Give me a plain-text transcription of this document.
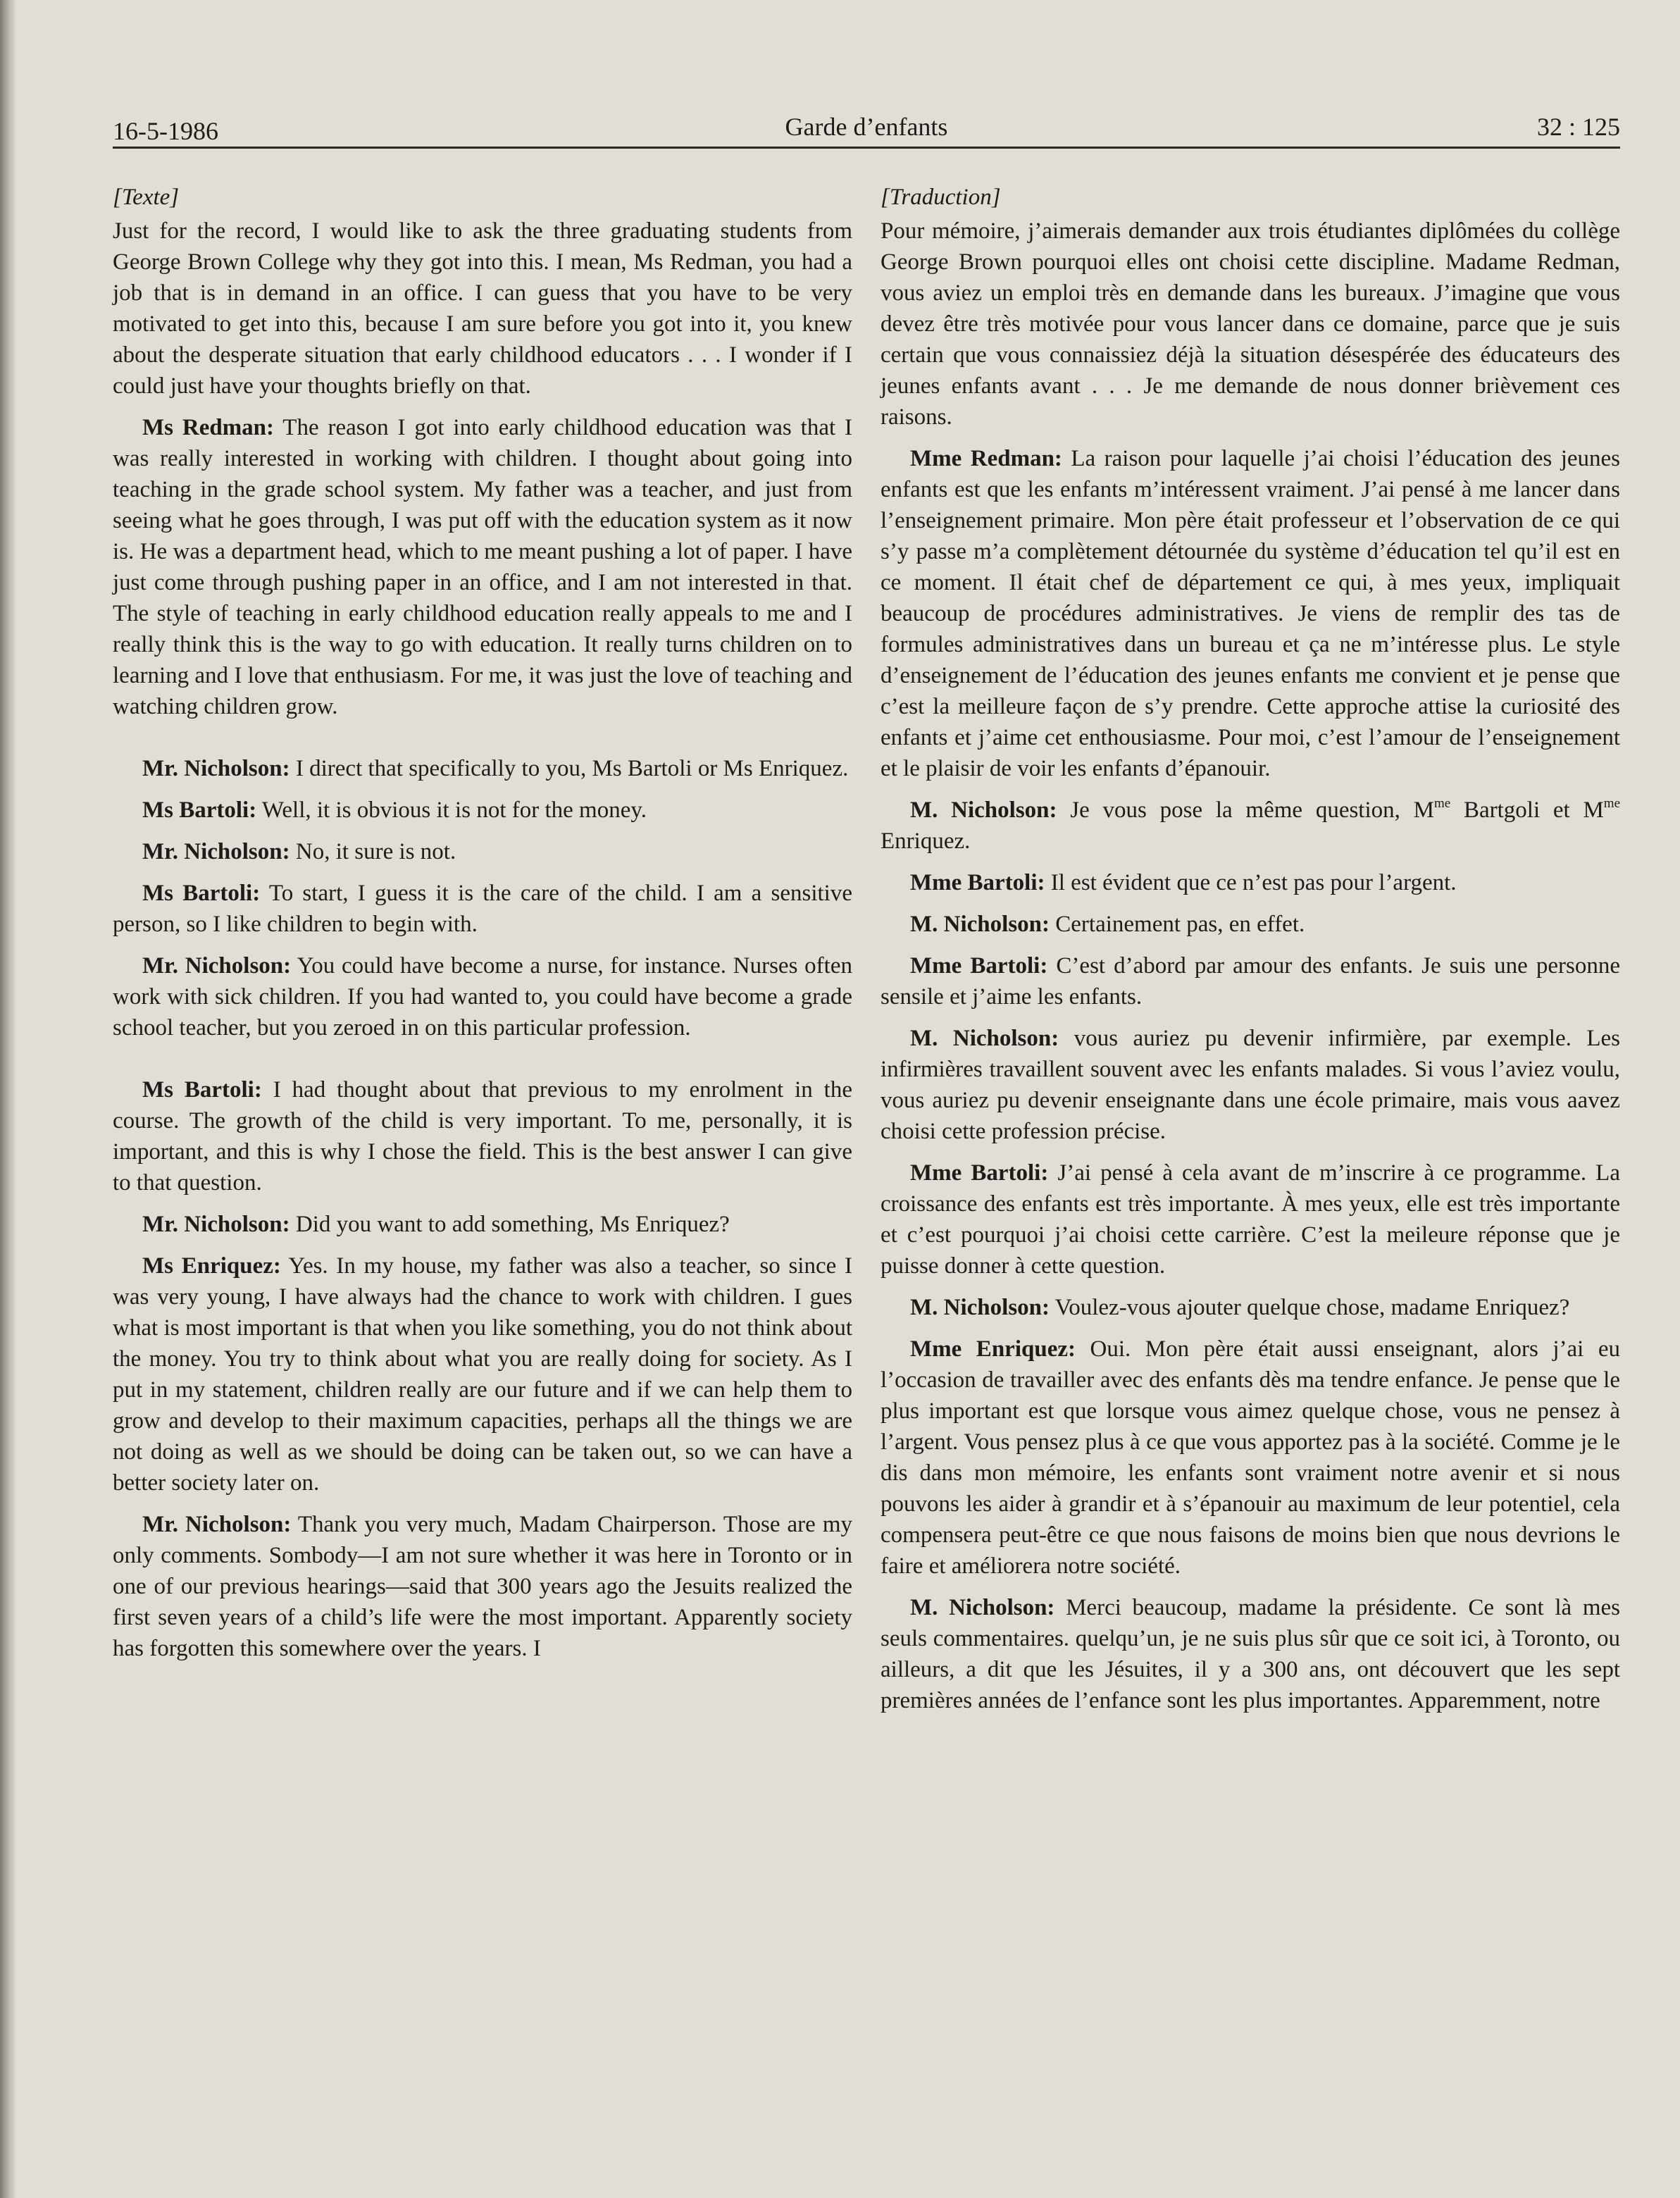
16-5-1986	Garde d’enfants	32 : 125

[Texte]

Just for the record, I would like to ask the three graduating students from George Brown College why they got into this. I mean, Ms Redman, you had a job that is in demand in an office. I can guess that you have to be very motivated to get into this, because I am sure before you got into it, you knew about the desperate situation that early childhood educators . . . I wonder if I could just have your thoughts briefly on that.

Ms Redman: The reason I got into early childhood education was that I was really interested in working with children. I thought about going into teaching in the grade school system. My father was a teacher, and just from seeing what he goes through, I was put off with the education system as it now is. He was a department head, which to me meant pushing a lot of paper. I have just come through pushing paper in an office, and I am not interested in that. The style of teaching in early childhood education really appeals to me and I really think this is the way to go with education. It really turns children on to learning and I love that enthusiasm. For me, it was just the love of teaching and watching children grow.

Mr. Nicholson: I direct that specifically to you, Ms Bartoli or Ms Enriquez.

Ms Bartoli: Well, it is obvious it is not for the money.

Mr. Nicholson: No, it sure is not.

Ms Bartoli: To start, I guess it is the care of the child. I am a sensitive person, so I like children to begin with.

Mr. Nicholson: You could have become a nurse, for instance. Nurses often work with sick children. If you had wanted to, you could have become a grade school teacher, but you zeroed in on this particular profession.

Ms Bartoli: I had thought about that previous to my enrolment in the course. The growth of the child is very important. To me, personally, it is important, and this is why I chose the field. This is the best answer I can give to that question.

Mr. Nicholson: Did you want to add something, Ms Enriquez?

Ms Enriquez: Yes. In my house, my father was also a teacher, so since I was very young, I have always had the chance to work with children. I gues what is most important is that when you like something, you do not think about the money. You try to think about what you are really doing for society. As I put in my statement, children really are our future and if we can help them to grow and develop to their maximum capacities, perhaps all the things we are not doing as well as we should be doing can be taken out, so we can have a better society later on.

Mr. Nicholson: Thank you very much, Madam Chairperson. Those are my only comments. Sombody—I am not sure whether it was here in Toronto or in one of our previous hearings—said that 300 years ago the Jesuits realized the first seven years of a child’s life were the most important. Apparently society has forgotten this somewhere over the years. I

[Traduction]

Pour mémoire, j’aimerais demander aux trois étudiantes diplômées du collège George Brown pourquoi elles ont choisi cette discipline. Madame Redman, vous aviez un emploi très en demande dans les bureaux. J’imagine que vous devez être très motivée pour vous lancer dans ce domaine, parce que je suis certain que vous connaissiez déjà la situation désespérée des éducateurs des jeunes enfants avant . . . Je me demande de nous donner brièvement ces raisons.

Mme Redman: La raison pour laquelle j’ai choisi l’éducation des jeunes enfants est que les enfants m’intéressent vraiment. J’ai pensé à me lancer dans l’enseignement primaire. Mon père était professeur et l’observation de ce qui s’y passe m’a complètement détournée du système d’éducation tel qu’il est en ce moment. Il était chef de département ce qui, à mes yeux, impliquait beaucoup de procédures administratives. Je viens de remplir des tas de formules administratives dans un bureau et ça ne m’intéresse plus. Le style d’enseignement de l’éducation des jeunes enfants me convient et je pense que c’est la meilleure façon de s’y prendre. Cette approche attise la curiosité des enfants et j’aime cet enthousiasme. Pour moi, c’est l’amour de l’enseignement et le plaisir de voir les enfants d’épanouir.

M. Nicholson: Je vous pose la même question, $M^{me}$ Bartgoli et $M^{me}$ Enriquez.

Mme Bartoli: Il est évident que ce n’est pas pour l’argent.

M. Nicholson: Certainement pas, en effet.

Mme Bartoli: C’est d’abord par amour des enfants. Je suis une personne sensile et j’aime les enfants.

M. Nicholson: vous auriez pu devenir infirmière, par exemple. Les infirmières travaillent souvent avec les enfants malades. Si vous l’aviez voulu, vous auriez pu devenir enseignante dans une école primaire, mais vous aavez choisi cette profession précise.

Mme Bartoli: J’ai pensé à cela avant de m’inscrire à ce programme. La croissance des enfants est très importante. À mes yeux, elle est très importante et c’est pourquoi j’ai choisi cette carrière. C’est la meileure réponse que je puisse donner à cette question.

M. Nicholson: Voulez-vous ajouter quelque chose, madame Enriquez?

Mme Enriquez: Oui. Mon père était aussi enseignant, alors j’ai eu l’occasion de travailler avec des enfants dès ma tendre enfance. Je pense que le plus important est que lorsque vous aimez quelque chose, vous ne pensez à l’argent. Vous pensez plus à ce que vous apportez pas à la société. Comme je le dis dans mon mémoire, les enfants sont vraiment notre avenir et si nous pouvons les aider à grandir et à s’épanouir au maximum de leur potentiel, cela compensera peut-être ce que nous faisons de moins bien que nous devrions le faire et améliorera notre société.

M. Nicholson: Merci beaucoup, madame la présidente. Ce sont là mes seuls commentaires. quelqu’un, je ne suis plus sûr que ce soit ici, à Toronto, ou ailleurs, a dit que les Jésuites, il y a 300 ans, ont découvert que les sept premières années de l’enfance sont les plus importantes. Apparemment, notre
